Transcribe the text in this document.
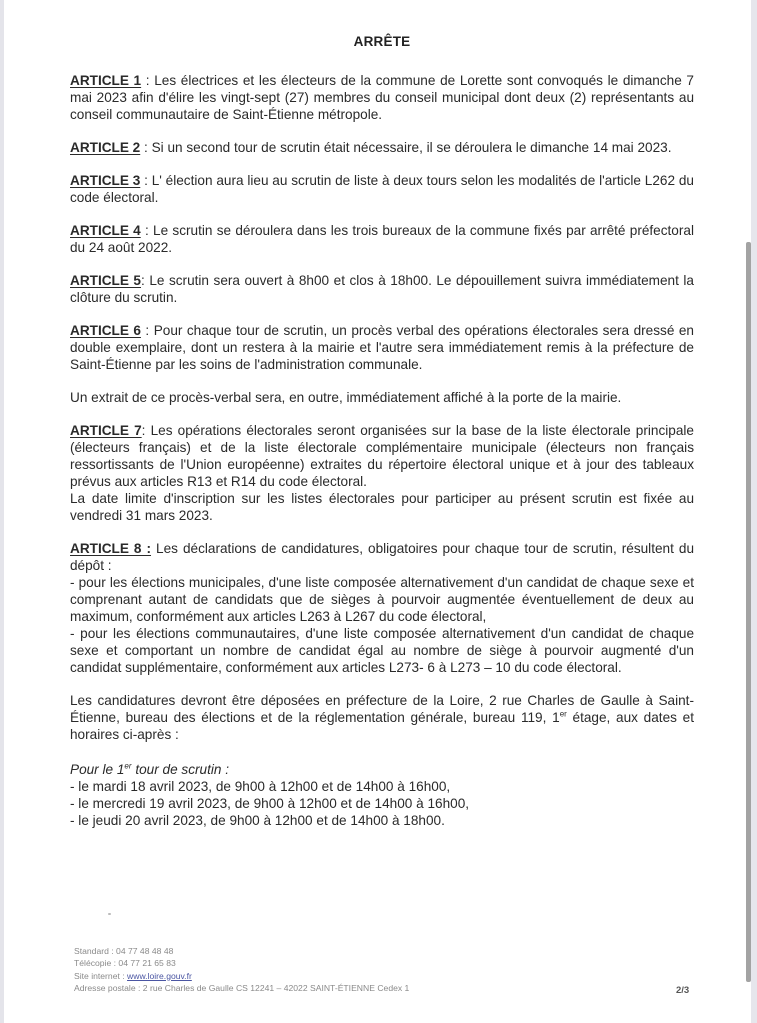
ARRÊTE

ARTICLE 1 : Les électrices et les électeurs de la commune de Lorette sont convoqués le dimanche 7 mai 2023 afin d'élire les vingt-sept (27) membres du conseil municipal dont deux (2) représentants au conseil communautaire de Saint-Étienne métropole.

ARTICLE 2 : Si un second tour de scrutin était nécessaire, il se déroulera le dimanche 14 mai 2023.

ARTICLE 3 : L' élection aura lieu au scrutin de liste à deux tours selon les modalités de l'article L262 du code électoral.

ARTICLE 4 : Le scrutin se déroulera dans les trois bureaux de la commune fixés par arrêté préfectoral du 24 août 2022.

ARTICLE 5: Le scrutin sera ouvert à 8h00 et clos à 18h00. Le dépouillement suivra immédiatement la clôture du scrutin.

ARTICLE 6 : Pour chaque tour de scrutin, un procès verbal des opérations électorales sera dressé en double exemplaire, dont un restera à la mairie et l'autre sera immédiatement remis à la préfecture de Saint-Étienne par les soins de l'administration communale.

Un extrait de ce procès-verbal sera, en outre, immédiatement affiché à la porte de la mairie.

ARTICLE 7: Les opérations électorales seront organisées sur la base de la liste électorale principale (électeurs français) et de la liste électorale complémentaire municipale (électeurs non français ressortissants de l'Union européenne) extraites du répertoire électoral unique et à jour des tableaux prévus aux articles R13 et R14 du code électoral.
La date limite d'inscription sur les listes électorales pour participer au présent scrutin est fixée au vendredi 31 mars 2023.

ARTICLE 8 : Les déclarations de candidatures, obligatoires pour chaque tour de scrutin, résultent du dépôt :
- pour les élections municipales, d'une liste composée alternativement d'un candidat de chaque sexe et comprenant autant de candidats que de sièges à pourvoir augmentée éventuellement de deux au maximum, conformément aux articles L263 à L267 du code électoral,
- pour les élections communautaires, d'une liste composée alternativement d'un candidat de chaque sexe et comportant un nombre de candidat égal au nombre de siège à pourvoir augmenté d'un candidat supplémentaire, conformément aux articles L273- 6 à L273 – 10 du code électoral.

Les candidatures devront être déposées en préfecture de la Loire, 2 rue Charles de Gaulle à Saint-Étienne, bureau des élections et de la réglementation générale, bureau 119, 1er étage, aux dates et horaires ci-après :

Pour le 1er tour de scrutin :
- le mardi 18 avril 2023, de 9h00 à 12h00 et de 14h00 à 16h00,
- le mercredi 19 avril 2023, de 9h00 à 12h00 et de 14h00 à 16h00,
- le jeudi 20 avril 2023, de 9h00 à 12h00 et de 14h00 à 18h00.
Standard : 04 77 48 48 48
Télécopie : 04 77 21 65 83
Site internet : www.loire.gouv.fr
Adresse postale : 2 rue Charles de Gaulle CS 12241 – 42022 SAINT-ÉTIENNE Cedex 1	2/3
